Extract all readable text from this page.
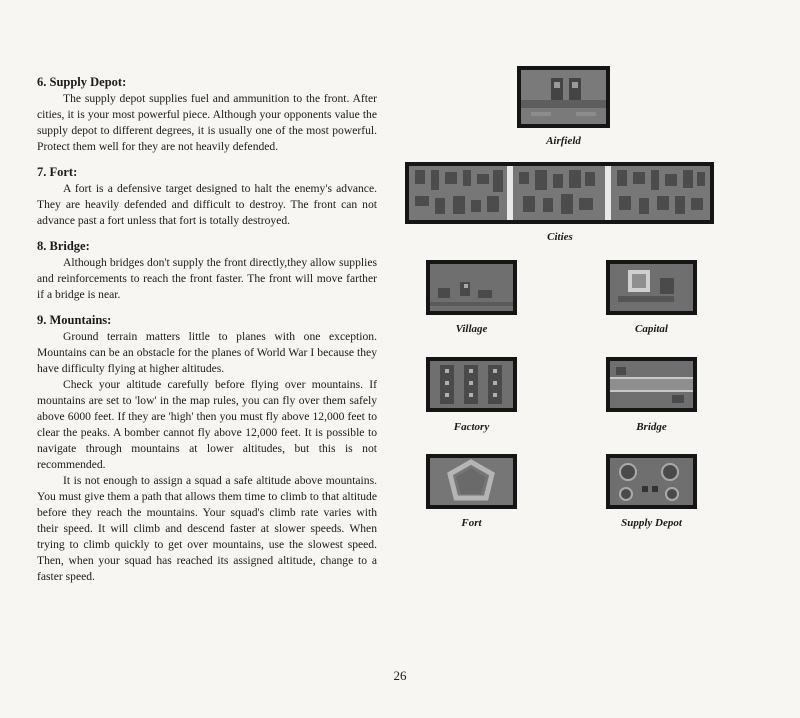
6. Supply Depot:

The supply depot supplies fuel and ammunition to the front. After cities, it is your most powerful piece. Although your opponents value the supply depot to different degrees, it is usually one of the most powerful. Protect them well for they are not heavily defended.

7. Fort:

A fort is a defensive target designed to halt the enemy's advance. They are heavily defended and difficult to destroy. The front can not advance past a fort unless that fort is totally destroyed.

8. Bridge:

Although bridges don't supply the front directly,they allow supplies and reinforcements to reach the front faster. The front will move farther if a bridge is near.

9. Mountains:

Ground terrain matters little to planes with one exception. Mountains can be an obstacle for the planes of World War I because they have difficulty flying at higher altitudes.

Check your altitude carefully before flying over mountains. If mountains are set to 'low' in the map rules, you can fly over them safely above 6000 feet. If they are 'high' then you must fly above 12,000 feet to clear the peaks. A bomber cannot fly above 12,000 feet. It is possible to navigate through mountains at lower altitudes, but this is not recommended.

It is not enough to assign a squad a safe altitude above mountains. You must give them a path that allows them time to climb to that altitude before they reach the mountains. Your squad's climb rate varies with their speed. It will climb and descend faster at slower speeds. When trying to climb quickly to get over mountains, use the slowest speed. Then, when your squad has reached its assigned altitude, change to a faster speed.

Airfield
Cities
Village	Capital
Factory	Bridge
Fort	Supply Depot
26
